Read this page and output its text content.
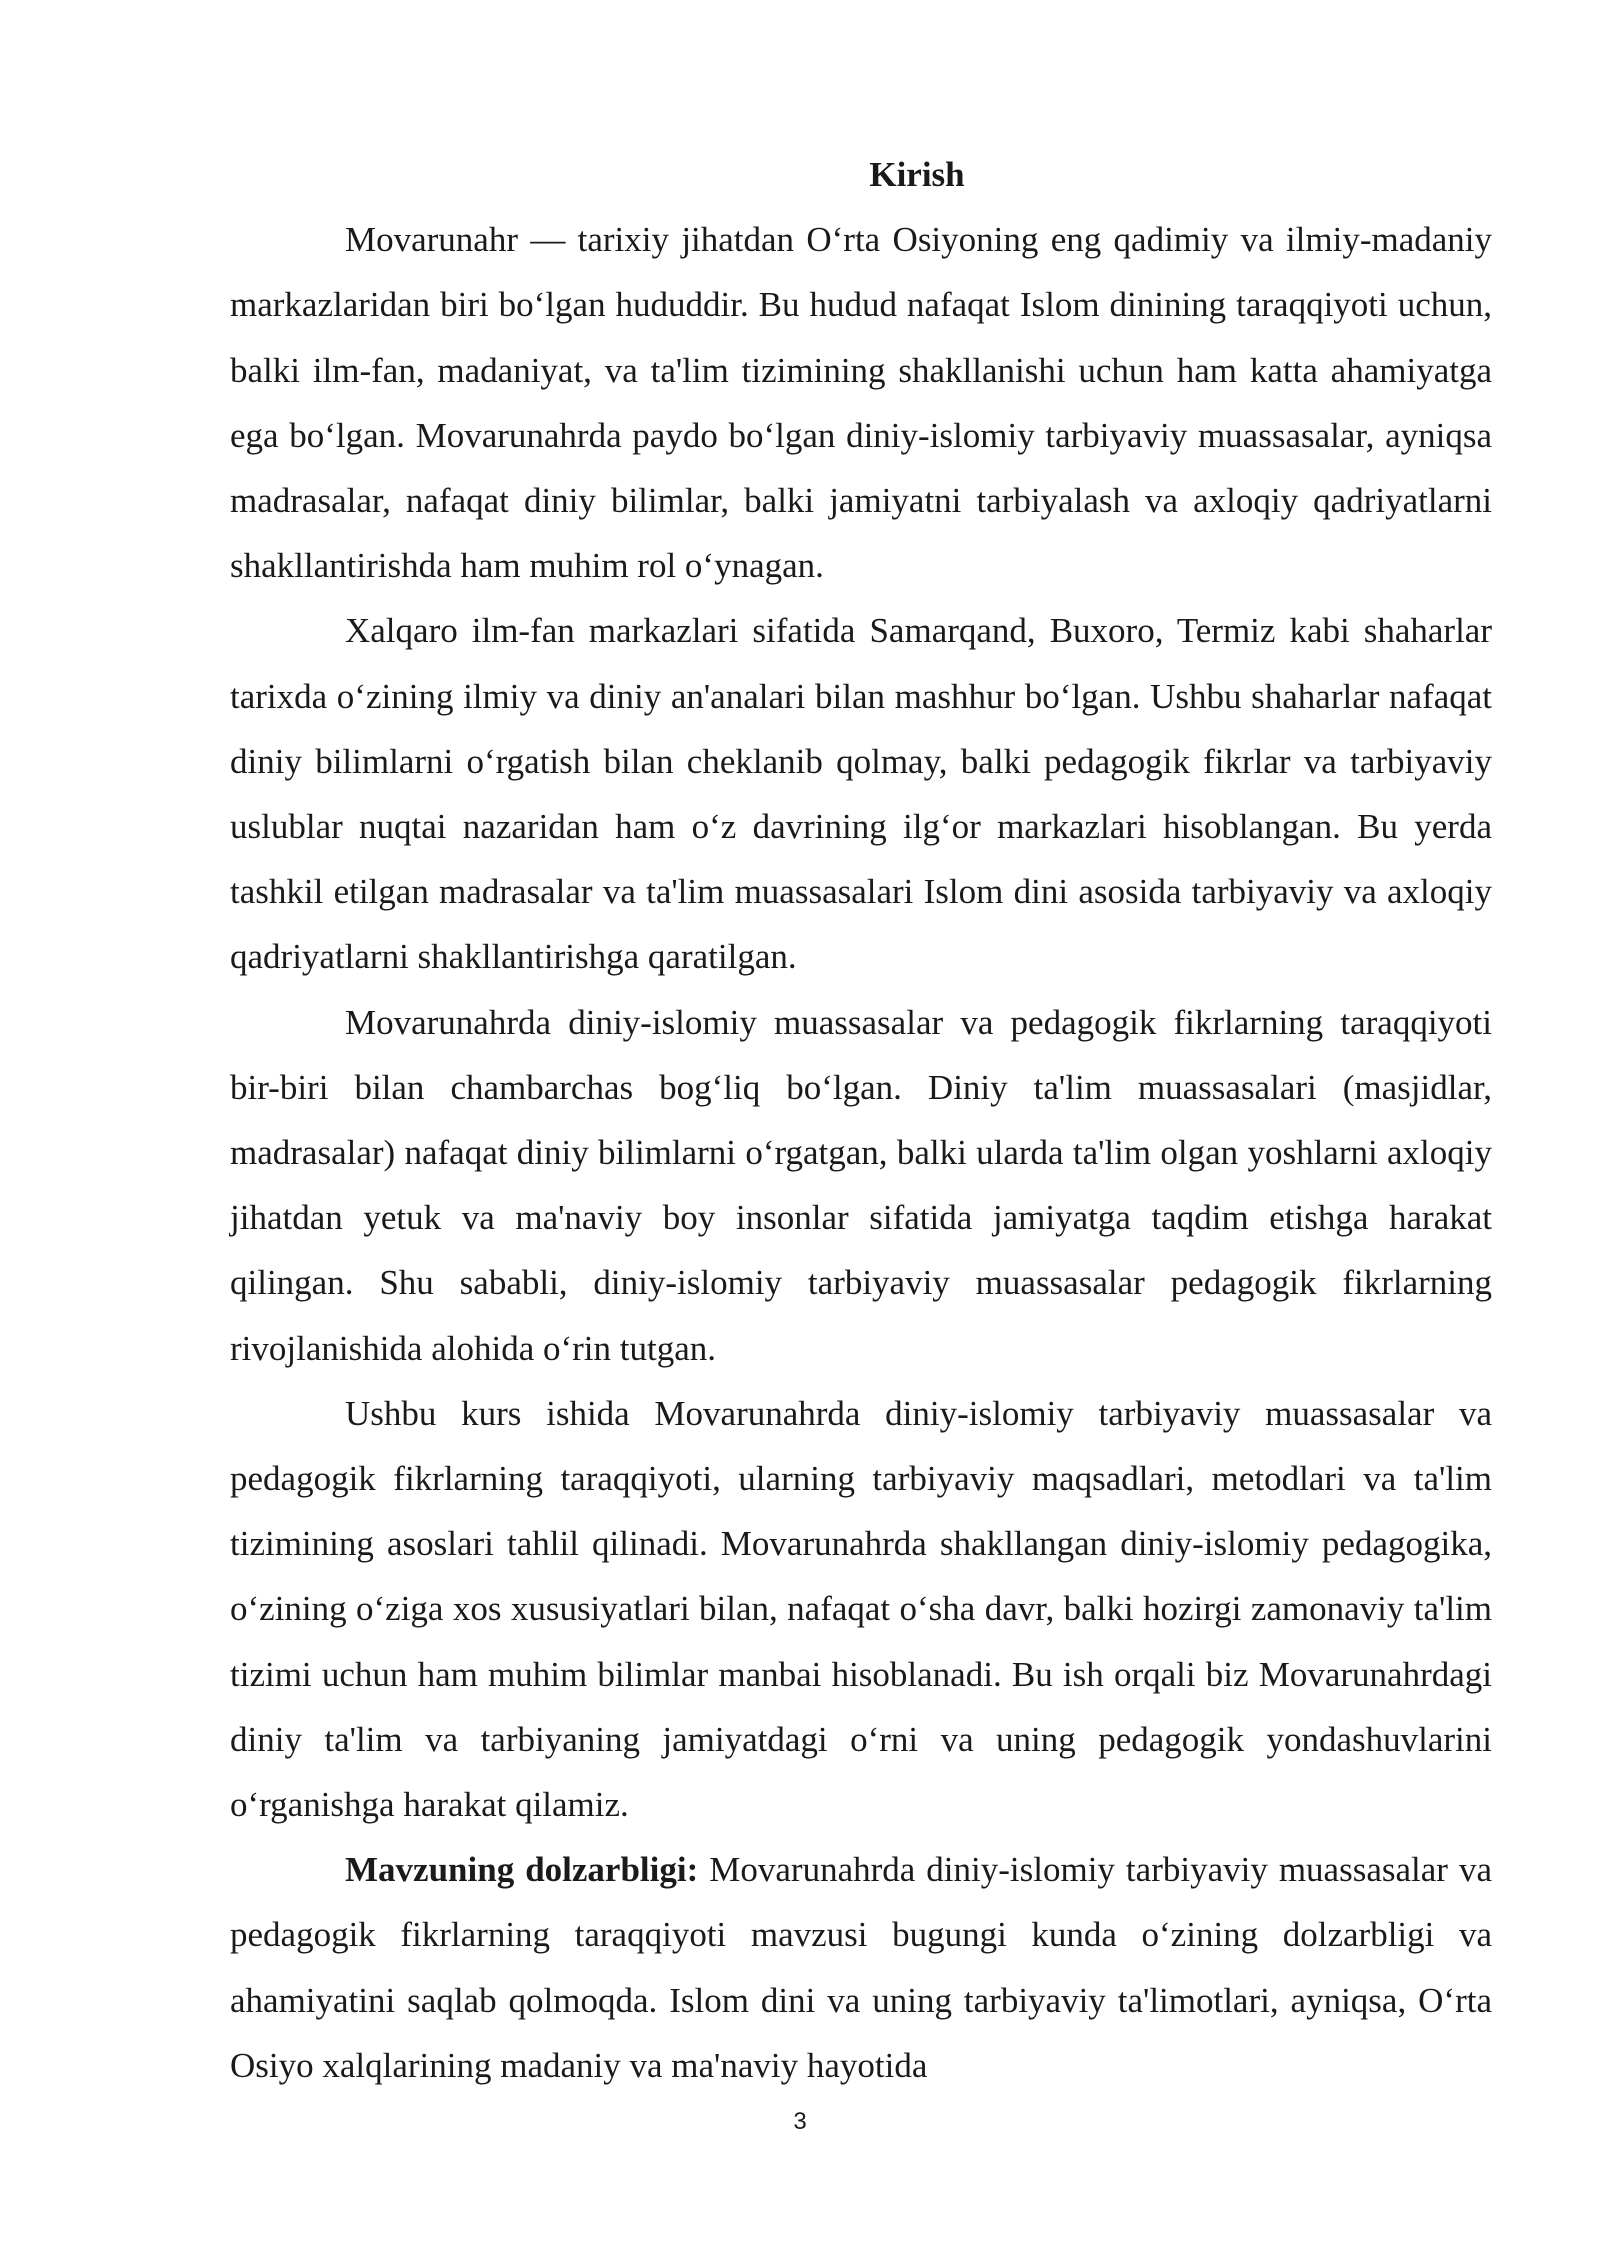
Kirish

Movarunahr — tarixiy jihatdan O‘rta Osiyoning eng qadimiy va ilmiy-madaniy markazlaridan biri bo‘lgan hududdir. Bu hudud nafaqat Islom dinining taraqqiyoti uchun, balki ilm-fan, madaniyat, va ta'lim tizimining shakllanishi uchun ham katta ahamiyatga ega bo‘lgan. Movarunahrda paydo bo‘lgan diniy-islomiy tarbiyaviy muassasalar, ayniqsa madrasalar, nafaqat diniy bilimlar, balki jamiyatni tarbiyalash va axloqiy qadriyatlarni shakllantirishda ham muhim rol o‘ynagan.

Xalqaro ilm-fan markazlari sifatida Samarqand, Buxoro, Termiz kabi shaharlar tarixda o‘zining ilmiy va diniy an'analari bilan mashhur bo‘lgan. Ushbu shaharlar nafaqat diniy bilimlarni o‘rgatish bilan cheklanib qolmay, balki pedagogik fikrlar va tarbiyaviy uslublar nuqtai nazaridan ham o‘z davrining ilg‘or markazlari hisoblangan. Bu yerda tashkil etilgan madrasalar va ta'lim muassasalari Islom dini asosida tarbiyaviy va axloqiy qadriyatlarni shakllantirishga qaratilgan.

Movarunahrda diniy-islomiy muassasalar va pedagogik fikrlarning taraqqiyoti bir-biri bilan chambarchas bog‘liq bo‘lgan. Diniy ta'lim muassasalari (masjidlar, madrasalar) nafaqat diniy bilimlarni o‘rgatgan, balki ularda ta'lim olgan yoshlarni axloqiy jihatdan yetuk va ma'naviy boy insonlar sifatida jamiyatga taqdim etishga harakat qilingan. Shu sababli, diniy-islomiy tarbiyaviy muassasalar pedagogik fikrlarning rivojlanishida alohida o‘rin tutgan.

Ushbu kurs ishida Movarunahrda diniy-islomiy tarbiyaviy muassasalar va pedagogik fikrlarning taraqqiyoti, ularning tarbiyaviy maqsadlari, metodlari va ta'lim tizimining asoslari tahlil qilinadi. Movarunahrda shakllangan diniy-islomiy pedagogika, o‘zining o‘ziga xos xususiyatlari bilan, nafaqat o‘sha davr, balki hozirgi zamonaviy ta'lim tizimi uchun ham muhim bilimlar manbai hisoblanadi. Bu ish orqali biz Movarunahrdagi diniy ta'lim va tarbiyaning jamiyatdagi o‘rni va uning pedagogik yondashuvlarini o‘rganishga harakat qilamiz.

Mavzuning dolzarbligi: Movarunahrda diniy-islomiy tarbiyaviy muassasalar va pedagogik fikrlarning taraqqiyoti mavzusi bugungi kunda o‘zining dolzarbligi va ahamiyatini saqlab qolmoqda. Islom dini va uning tarbiyaviy ta'limotlari, ayniqsa, O‘rta Osiyo xalqlarining madaniy va ma'naviy hayotida

3
